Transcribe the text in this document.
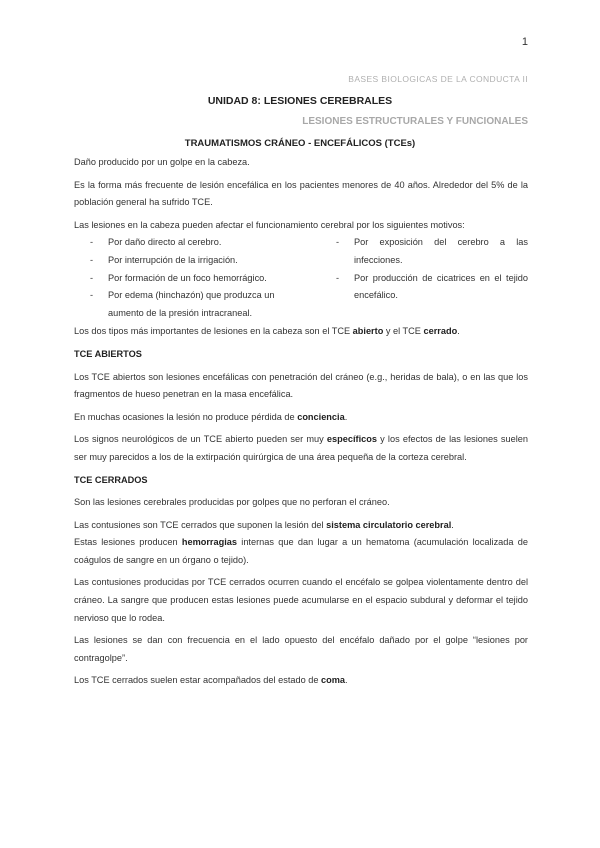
1
BASES BIOLOGICAS DE LA CONDUCTA II
UNIDAD 8: LESIONES CEREBRALES
LESIONES ESTRUCTURALES Y FUNCIONALES
TRAUMATISMOS CRÁNEO - ENCEFÁLICOS (TCEs)

Daño producido por un golpe en la cabeza.

Es la forma más frecuente de lesión encefálica en los pacientes menores de 40 años. Alrededor del 5% de la población general ha sufrido TCE.

Las lesiones en la cabeza pueden afectar el funcionamiento cerebral por los siguientes motivos:

- Por daño directo al cerebro.
- Por interrupción de la irrigación.
- Por formación de un foco hemorrágico.
- Por edema (hinchazón) que produzca un aumento de la presión intracraneal.
- Por exposición del cerebro a las infecciones.
- Por producción de cicatrices en el tejido encefálico.

Los dos tipos más importantes de lesiones en la cabeza son el TCE abierto y el TCE cerrado.

TCE ABIERTOS

Los TCE abiertos son lesiones encefálicas con penetración del cráneo (e.g., heridas de bala), o en las que los fragmentos de hueso penetran en la masa encefálica.

En muchas ocasiones la lesión no produce pérdida de conciencia.

Los signos neurológicos de un TCE abierto pueden ser muy específicos y los efectos de las lesiones suelen ser muy parecidos a los de la extirpación quirúrgica de una área pequeña de la corteza cerebral.

TCE CERRADOS

Son las lesiones cerebrales producidas por golpes que no perforan el cráneo.

Las contusiones son TCE cerrados que suponen la lesión del sistema circulatorio cerebral.

Estas lesiones producen hemorragias internas que dan lugar a un hematoma (acumulación localizada de coágulos de sangre en un órgano o tejido).

Las contusiones producidas por TCE cerrados ocurren cuando el encéfalo se golpea violentamente dentro del cráneo. La sangre que producen estas lesiones puede acumularse en el espacio subdural y deformar el tejido nervioso que lo rodea.

Las lesiones se dan con frecuencia en el lado opuesto del encéfalo dañado por el golpe “lesiones por contragolpe”.

Los TCE cerrados suelen estar acompañados del estado de coma.
